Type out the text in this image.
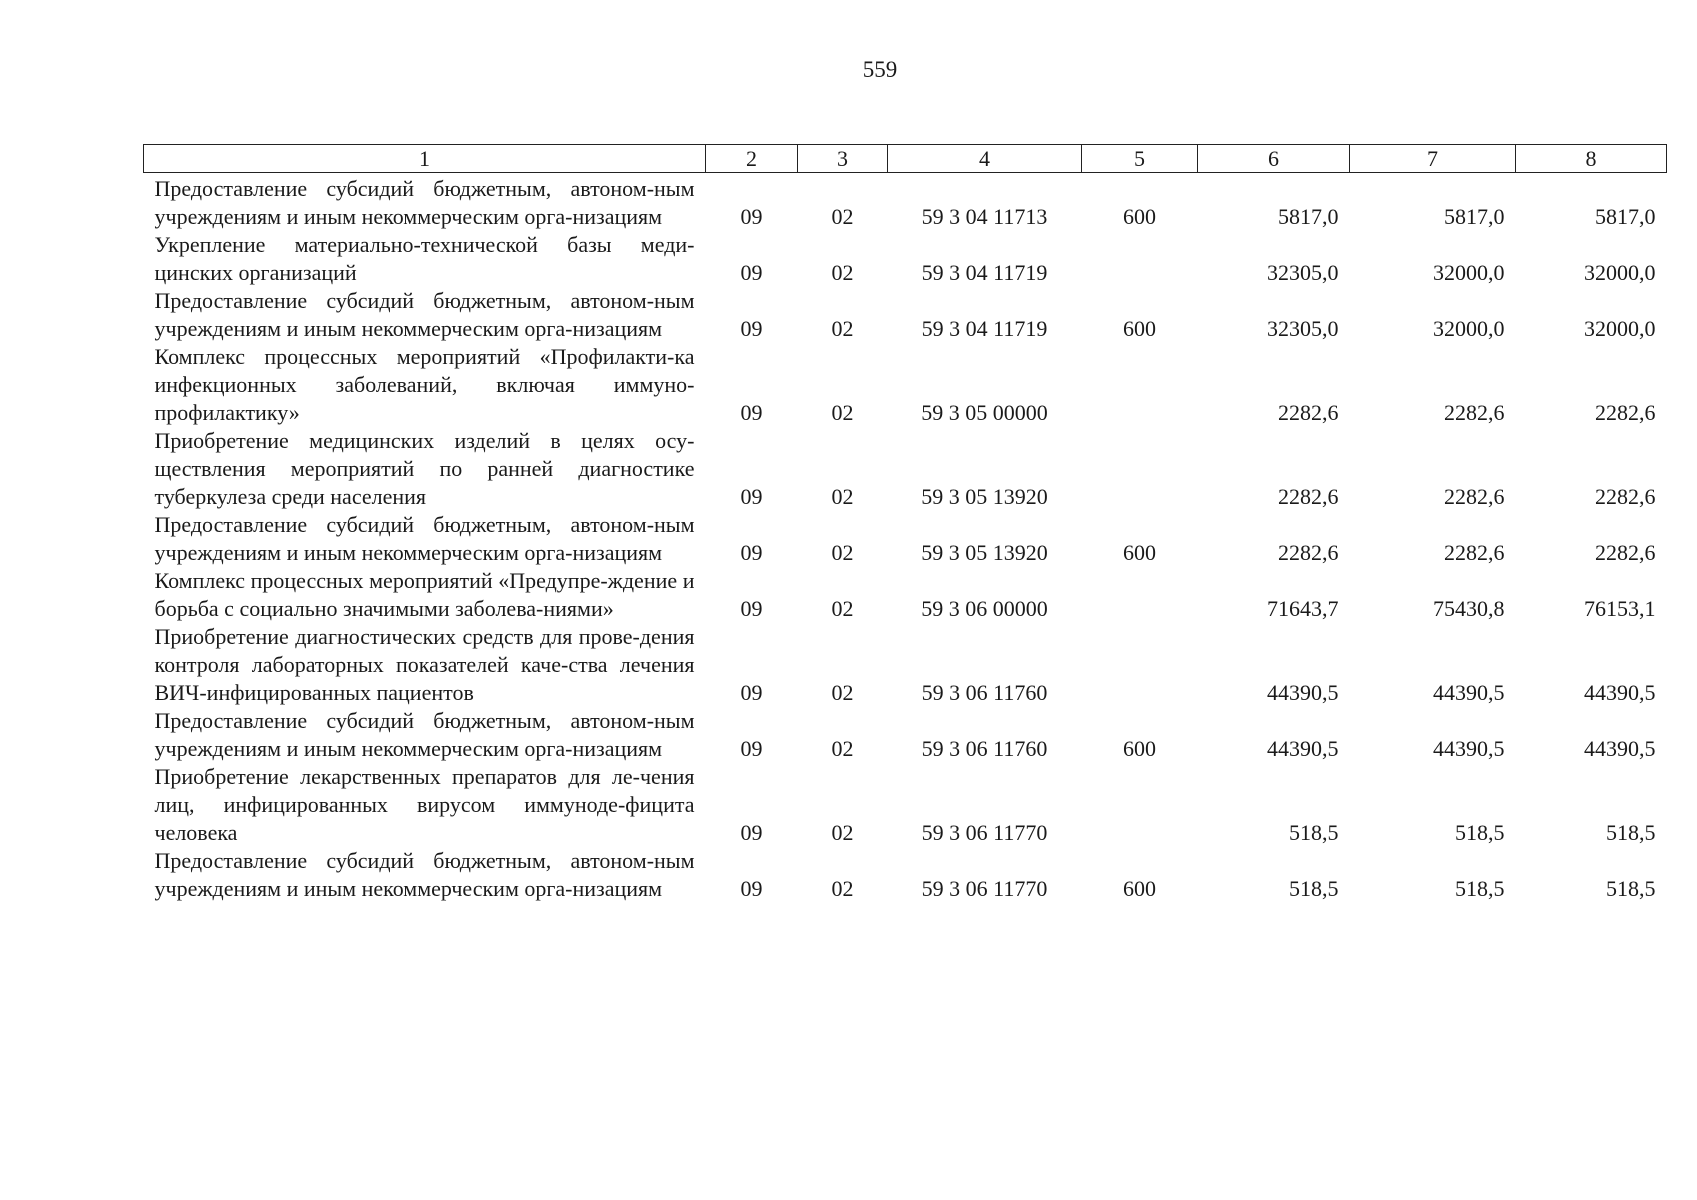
559
1	2	3	4	5	6	7	8
Предоставление субсидий бюджетным, автоном-ным учреждениям и иным некоммерческим орга-низациям	09	02	59 3 04 11713	600	5817,0	5817,0	5817,0
Укрепление материально-технической базы меди-цинских организаций	09	02	59 3 04 11719		32305,0	32000,0	32000,0
Предоставление субсидий бюджетным, автоном-ным учреждениям и иным некоммерческим орга-низациям	09	02	59 3 04 11719	600	32305,0	32000,0	32000,0
Комплекс процессных мероприятий «Профилакти-ка инфекционных заболеваний, включая иммуно-профилактику»	09	02	59 3 05 00000		2282,6	2282,6	2282,6
Приобретение медицинских изделий в целях осу-ществления мероприятий по ранней диагностике туберкулеза среди населения	09	02	59 3 05 13920		2282,6	2282,6	2282,6
Предоставление субсидий бюджетным, автоном-ным учреждениям и иным некоммерческим орга-низациям	09	02	59 3 05 13920	600	2282,6	2282,6	2282,6
Комплекс процессных мероприятий «Предупре-ждение и борьба с социально значимыми заболева-ниями»	09	02	59 3 06 00000		71643,7	75430,8	76153,1
Приобретение диагностических средств для прове-дения контроля лабораторных показателей каче-ства лечения ВИЧ-инфицированных пациентов	09	02	59 3 06 11760		44390,5	44390,5	44390,5
Предоставление субсидий бюджетным, автоном-ным учреждениям и иным некоммерческим орга-низациям	09	02	59 3 06 11760	600	44390,5	44390,5	44390,5
Приобретение лекарственных препаратов для ле-чения лиц, инфицированных вирусом иммуноде-фицита человека	09	02	59 3 06 11770		518,5	518,5	518,5
Предоставление субсидий бюджетным, автоном-ным учреждениям и иным некоммерческим орга-низациям	09	02	59 3 06 11770	600	518,5	518,5	518,5
